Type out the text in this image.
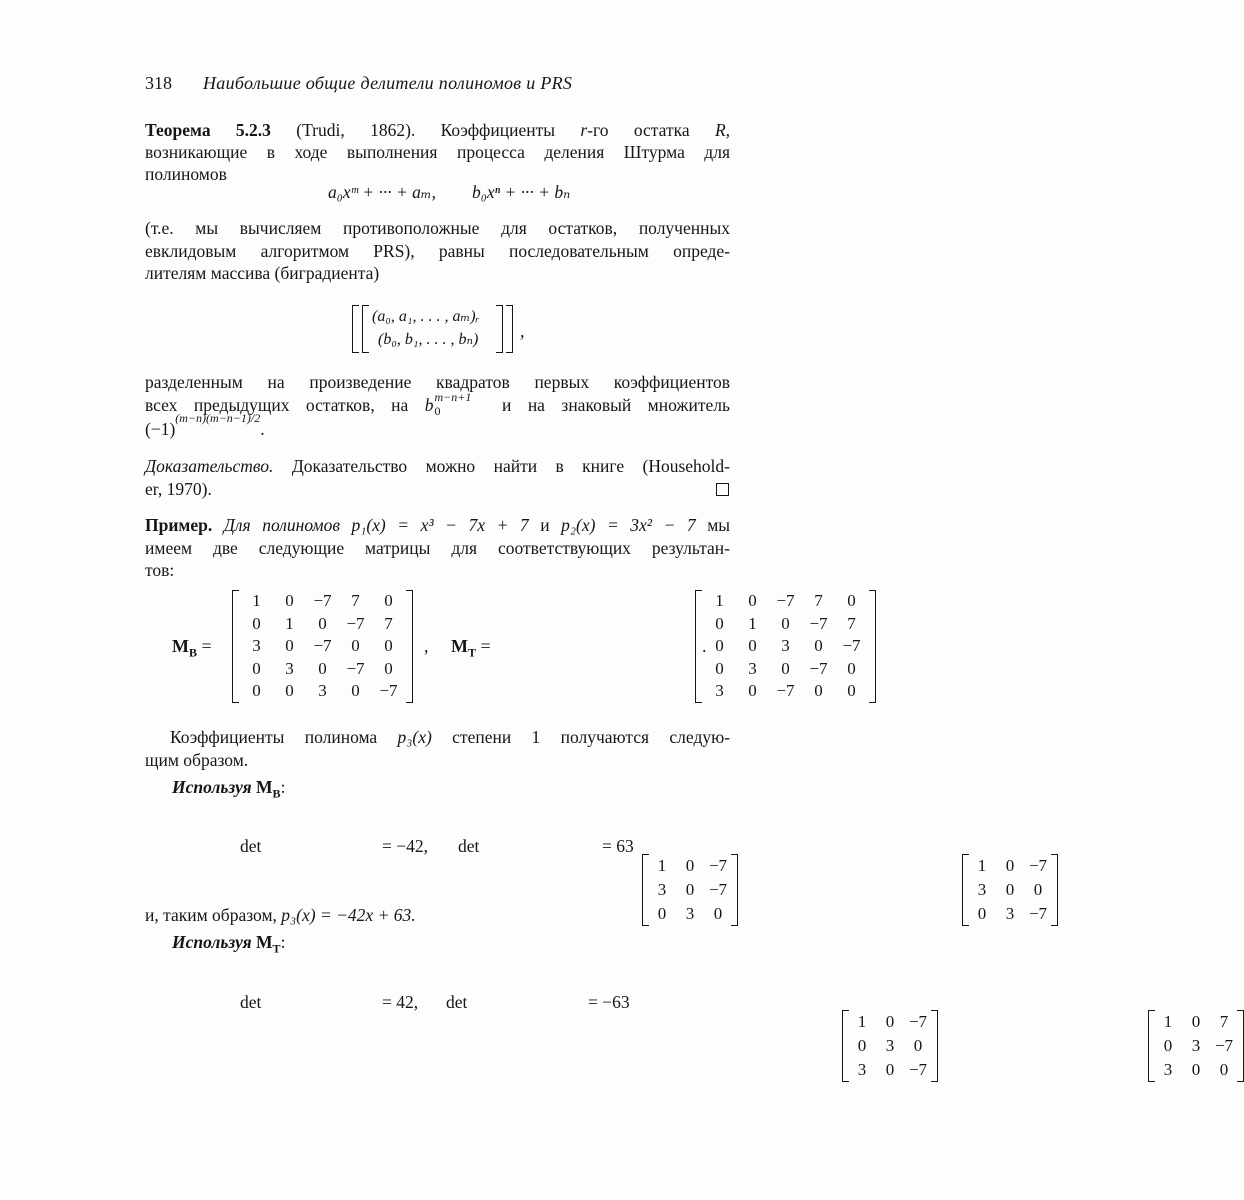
318 Наибольшие общие делители полиномов и PRS
Теорема 5.2.3 (Trudi, 1862). Коэффициенты r-го остатка R,
возникающие в ходе выполнения процесса деления Штурма для
полиномов
a₀xᵐ + ··· + aₘ, b₀xⁿ + ··· + bₙ
(т.е. мы вычисляем противоположные для остатков, полученных
евклидовым алгоритмом PRS), равны последовательным опреде-
лителям массива (биградиента)
(a₀, a₁, . . . , aₘ)ᵣ
(b₀, b₁, . . . , bₙ) ,
разделенным на произведение квадратов первых коэффициентов
всех предыдущих остатков, на b m−n+1
0	и на знаковый множитель
$(-1)^{(m-n)(m-n-1)/2}$.
Доказательство. Доказательство можно найти в книге (Household-
er, 1970).
Пример. Для полиномов p₁(x) = x³ − 7x + 7 и p₂(x) = 3x² − 7 мы
имеем две следующие матрицы для соответствующих результан-
тов:
$M_B$ =
1	0	−7	7	0
0	1	0	−7	7
3	0	−7	0	0
0	3	0	−7	0
0	0	3	0	−7

, $M_T$ =
1	0	−7	7	0
0	1	0	−7	7
0	0	3	0	−7
0	3	0	−7	0
3	0	−7	0	0

.
Коэффициенты полинома p₃(x) степени 1 получаются следую-
щим образом.
Используя $M_B$:
det
1	0	−7
3	0	−7
0	3	0

= −42, det
1	0	−7
3	0	0
0	3	−7

= 63
и, таким образом, p₃(x) = −42x + 63.
Используя $M_T$:
det
1	0	−7
0	3	0
3	0	−7

= 42, det
1	0	7
0	3	−7
3	0	0
= −63
